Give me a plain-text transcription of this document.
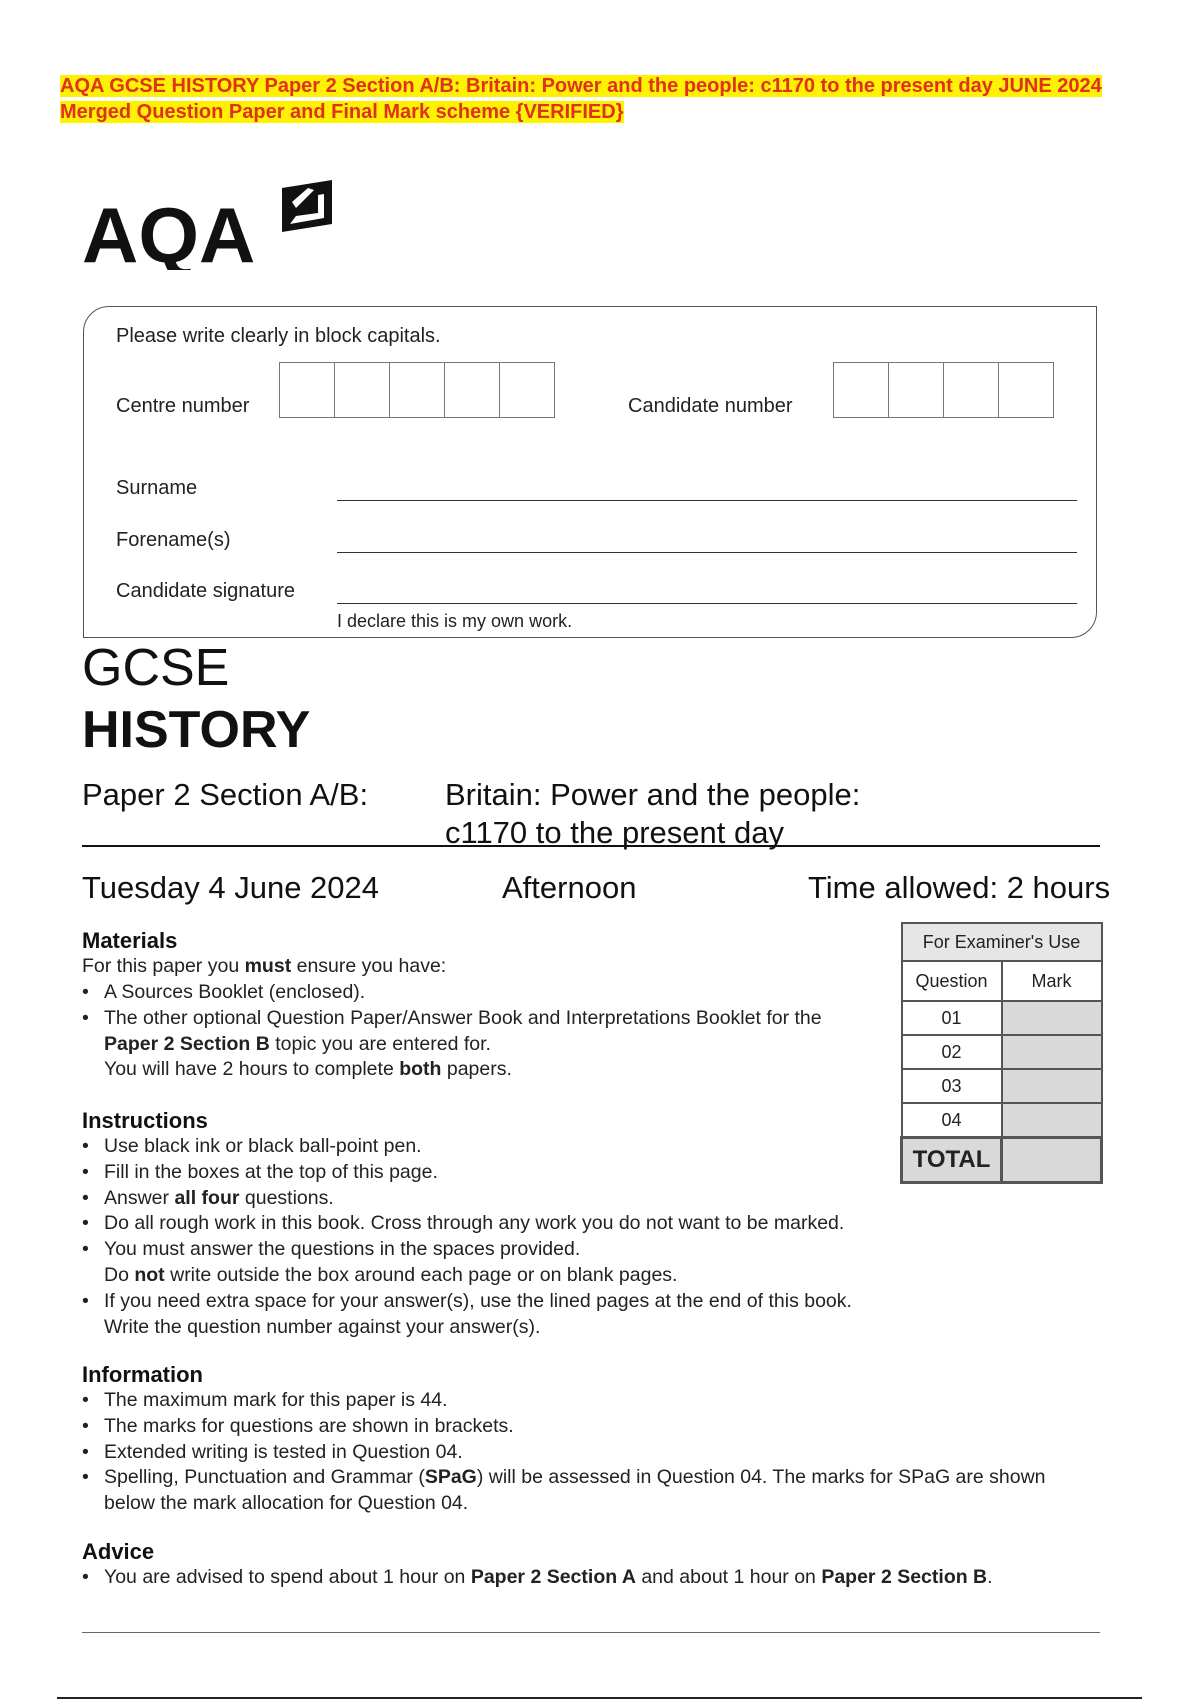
AQA GCSE HISTORY Paper 2 Section A/B: Britain: Power and the people: c1170 to the present day JUNE 2024 Merged Question Paper and Final Mark scheme {VERIFIED}
AQA
Please write clearly in block capitals.
Centre number	Candidate number
Surname
Forename(s)
Candidate signature
I declare this is my own work.
GCSE
HISTORY
Paper 2 Section A/B: Britain: Power and the people:
c1170 to the present day
Tuesday 4 June 2024	Afternoon	Time allowed: 2 hours
Materials
For this paper you must ensure you have:
• A Sources Booklet (enclosed).
• The other optional Question Paper/Answer Book and Interpretations Booklet for the Paper 2 Section B topic you are entered for.
You will have 2 hours to complete both papers.
Instructions
• Use black ink or black ball-point pen.
• Fill in the boxes at the top of this page.
• Answer all four questions.
• Do all rough work in this book. Cross through any work you do not want to be marked.
• You must answer the questions in the spaces provided.
Do not write outside the box around each page or on blank pages.
• If you need extra space for your answer(s), use the lined pages at the end of this book.
Write the question number against your answer(s).
Information
• The maximum mark for this paper is 44.
• The marks for questions are shown in brackets.
• Extended writing is tested in Question 04.
• Spelling, Punctuation and Grammar (SPaG) will be assessed in Question 04. The marks for SPaG are shown below the mark allocation for Question 04.
Advice
• You are advised to spend about 1 hour on Paper 2 Section A and about 1 hour on Paper 2 Section B.
For Examiner's Use	
Question	Mark
01	
02	
03	
04	
TOTAL	
